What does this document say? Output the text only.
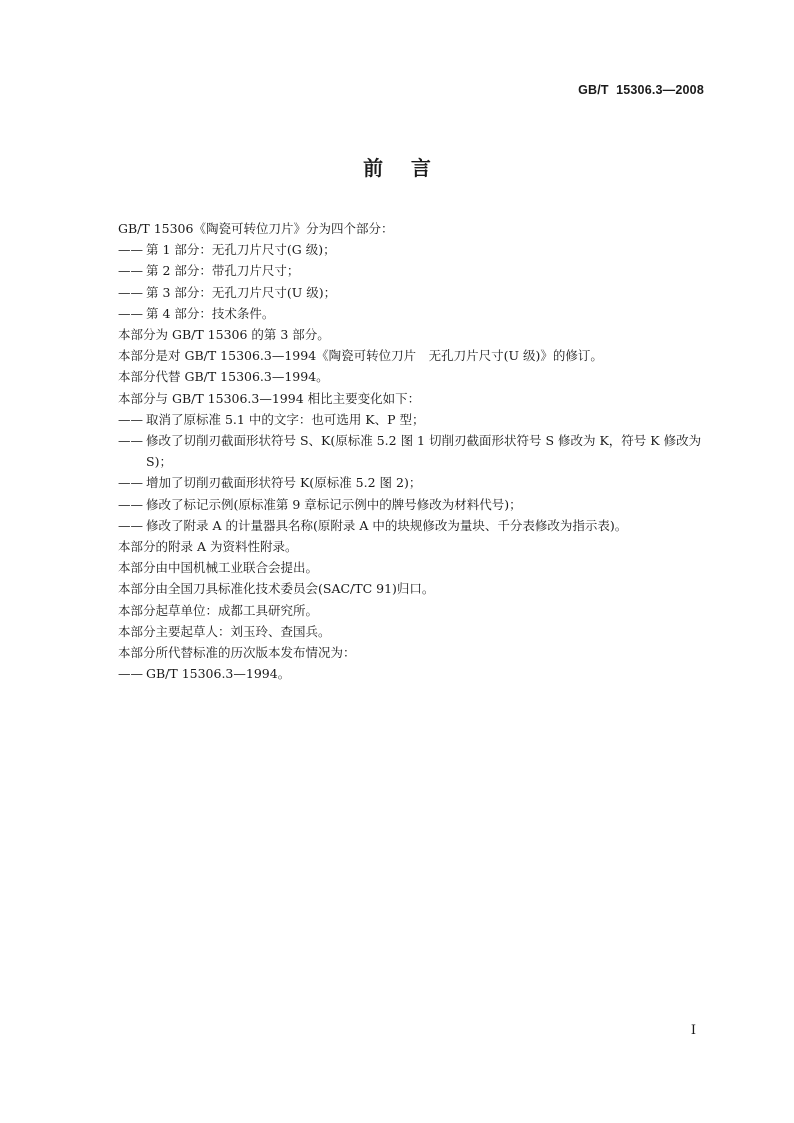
GB/T  15306.3—2008
前    言
GB/T 15306《陶瓷可转位刀片》分为四个部分：
—— 第 1 部分：无孔刀片尺寸(G 级)；
—— 第 2 部分：带孔刀片尺寸；
—— 第 3 部分：无孔刀片尺寸(U 级)；
—— 第 4 部分：技术条件。
本部分为 GB/T 15306 的第 3 部分。
本部分是对 GB/T 15306.3—1994《陶瓷可转位刀片　无孔刀片尺寸(U 级)》的修订。
本部分代替 GB/T 15306.3—1994。
本部分与 GB/T 15306.3—1994 相比主要变化如下：
—— 取消了原标准 5.1 中的文字：也可选用 K、P 型；
—— 修改了切削刃截面形状符号 S、K(原标准 5.2 图 1 切削刃截面形状符号 S 修改为 K，符号 K 修改为 S)；
—— 增加了切削刃截面形状符号 K(原标准 5.2 图 2)；
—— 修改了标记示例(原标准第 9 章标记示例中的牌号修改为材料代号)；
—— 修改了附录 A 的计量器具名称(原附录 A 中的块规修改为量块、千分表修改为指示表)。
本部分的附录 A 为资料性附录。
本部分由中国机械工业联合会提出。
本部分由全国刀具标准化技术委员会(SAC/TC 91)归口。
本部分起草单位：成都工具研究所。
本部分主要起草人：刘玉玲、查国兵。
本部分所代替标准的历次版本发布情况为：
—— GB/T 15306.3—1994。
I
